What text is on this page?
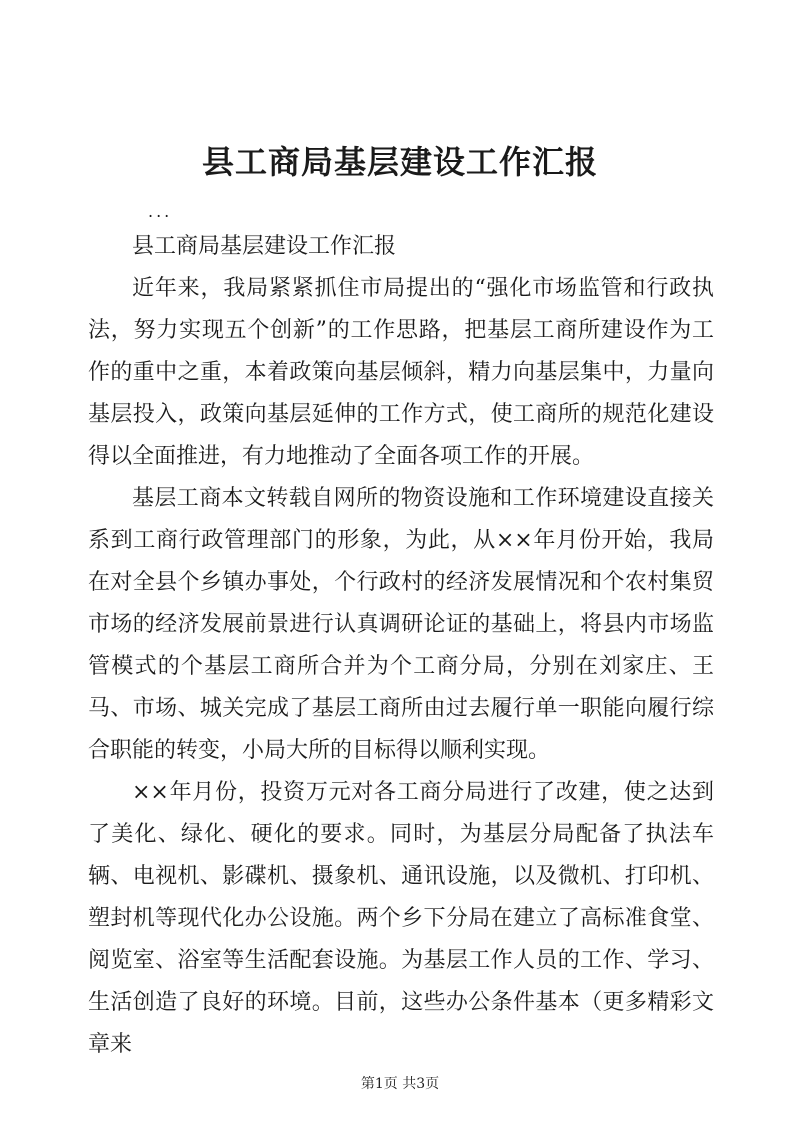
县工商局基层建设工作汇报
...

县工商局基层建设工作汇报

近年来，我局紧紧抓住市局提出的“强化市场监管和行政执法，努力实现五个创新”的工作思路，把基层工商所建设作为工作的重中之重，本着政策向基层倾斜，精力向基层集中，力量向基层投入，政策向基层延伸的工作方式，使工商所的规范化建设得以全面推进，有力地推动了全面各项工作的开展。

基层工商本文转载自网所的物资设施和工作环境建设直接关系到工商行政管理部门的形象，为此，从××年月份开始，我局在对全县个乡镇办事处，个行政村的经济发展情况和个农村集贸市场的经济发展前景进行认真调研论证的基础上，将县内市场监管模式的个基层工商所合并为个工商分局，分别在刘家庄、王马、市场、城关完成了基层工商所由过去履行单一职能向履行综合职能的转变，小局大所的目标得以顺利实现。

××年月份，投资万元对各工商分局进行了改建，使之达到了美化、绿化、硬化的要求。同时，为基层分局配备了执法车辆、电视机、影碟机、摄象机、通讯设施，以及微机、打印机、塑封机等现代化办公设施。两个乡下分局在建立了高标准食堂、阅览室、浴室等生活配套设施。为基层工作人员的工作、学习、生活创造了良好的环境。目前，这些办公条件基本（更多精彩文章来

第1页 共3页
